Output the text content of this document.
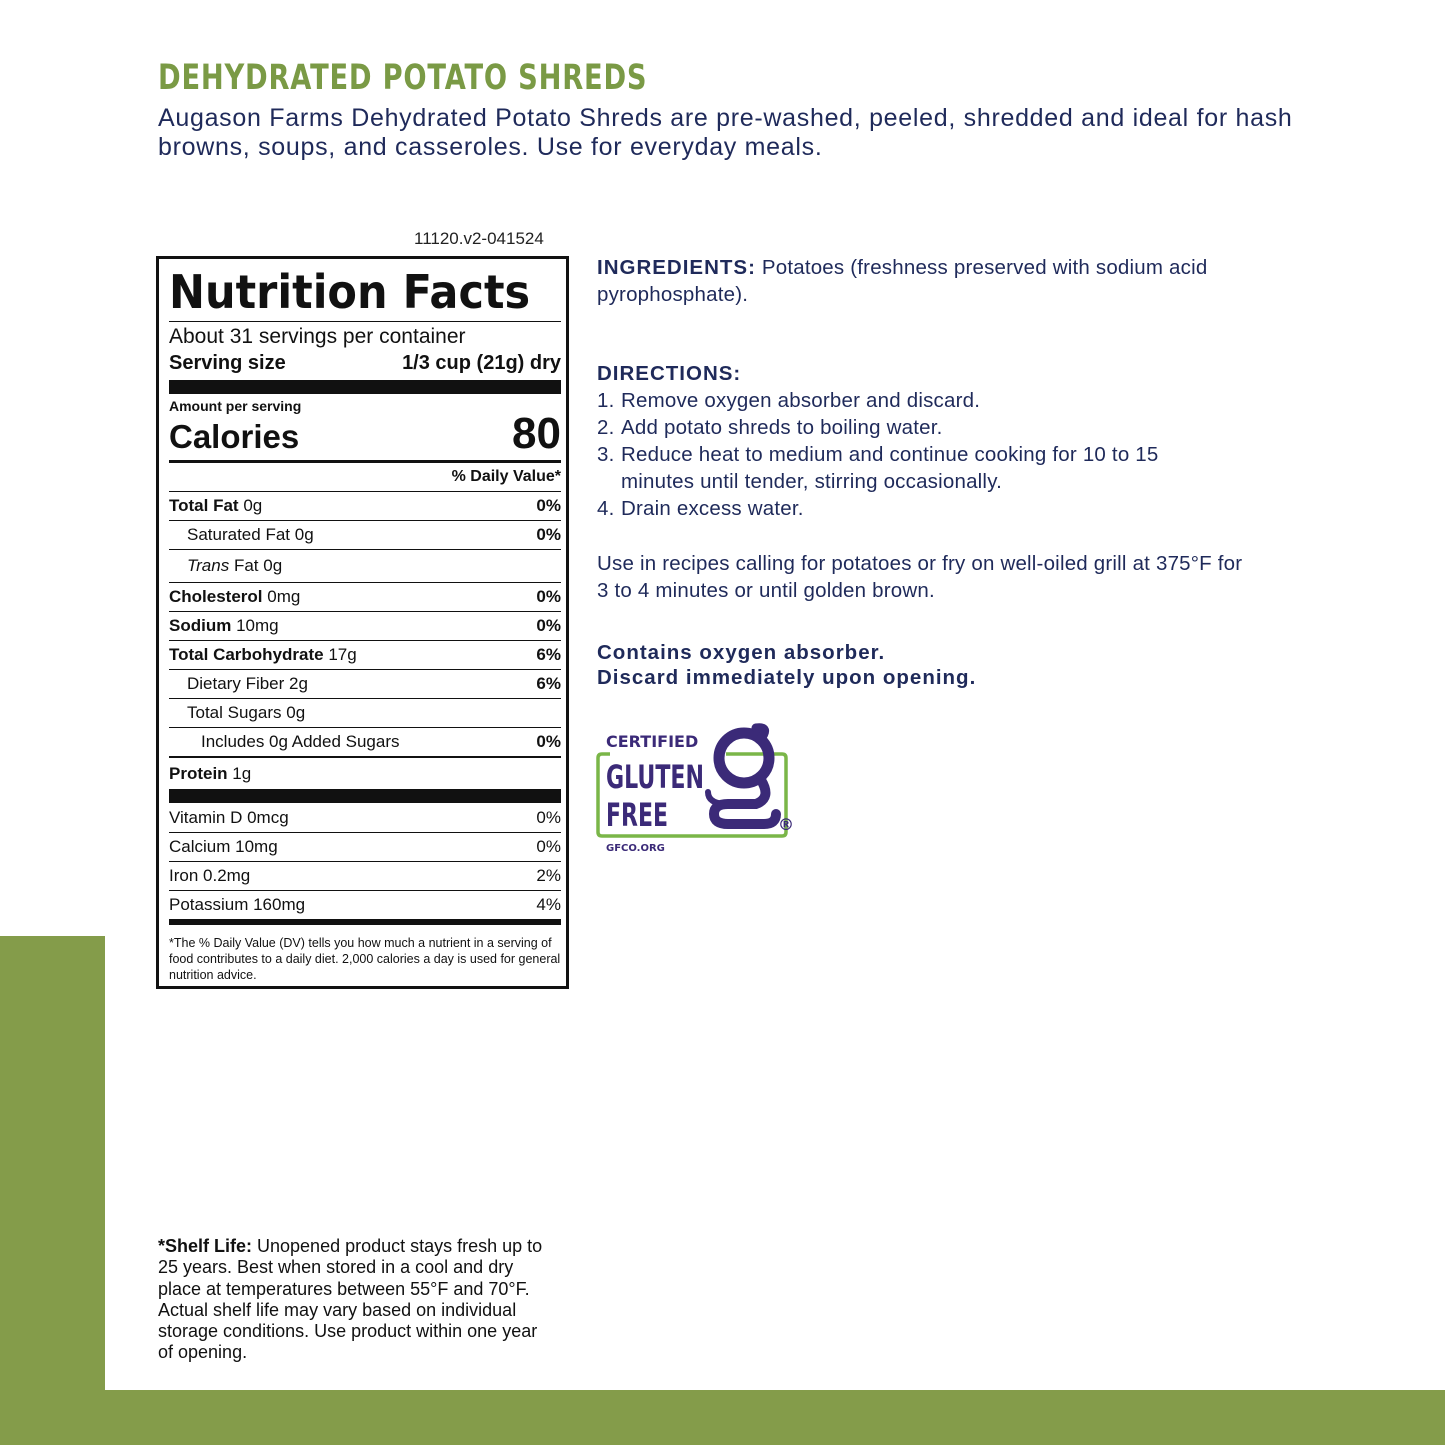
DEHYDRATED POTATO SHREDS

Augason Farms Dehydrated Potato Shreds are pre-washed, peeled, shredded and ideal for hash browns, soups, and casseroles. Use for everyday meals.

11120.v2-041524
Nutrition Facts
About 31 servings per container
Serving size	1/3 cup (21g) dry
Amount per serving
Calories	80
% Daily Value*
Total Fat 0g	0%
Saturated Fat 0g	0%
Trans Fat 0g
Cholesterol 0mg	0%
Sodium 10mg	0%
Total Carbohydrate 17g	6%
Dietary Fiber 2g	6%
Total Sugars 0g
Includes 0g Added Sugars	0%
Protein 1g
Vitamin D 0mcg	0%
Calcium 10mg	0%
Iron 0.2mg	2%
Potassium 160mg	4%
*The % Daily Value (DV) tells you how much a nutrient in a serving of food contributes to a daily diet. 2,000 calories a day is used for general nutrition advice.

INGREDIENTS: Potatoes (freshness preserved with sodium acid pyrophosphate).

DIRECTIONS:

1. Remove oxygen absorber and discard.
2. Add potato shreds to boiling water.
3. Reduce heat to medium and continue cooking for 10 to 15 minutes until tender, stirring occasionally.
4. Drain excess water.

Use in recipes calling for potatoes or fry on well-oiled grill at 375°F for 3 to 4 minutes or until golden brown.

Contains oxygen absorber.

Discard immediately upon opening.

CERTIFIED
GLUTEN
FREE	®
GFCO.ORG

*Shelf Life: Unopened product stays fresh up to 25 years. Best when stored in a cool and dry place at temperatures between 55°F and 70°F. Actual shelf life may vary based on individual storage conditions. Use product within one year of opening.
